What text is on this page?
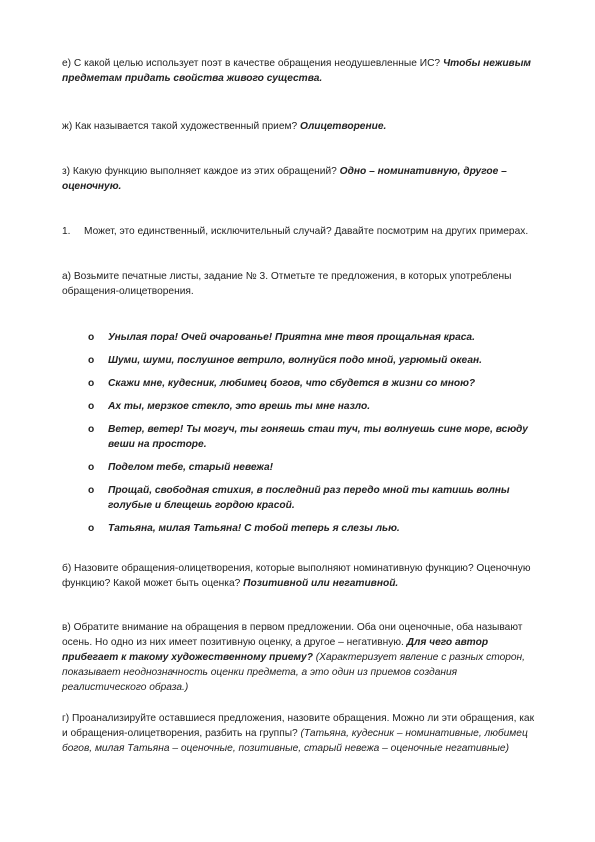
е) С какой целью использует поэт в качестве обращения неодушевленные ИС? Чтобы неживым предметам придать свойства живого существа.
ж) Как называется такой художественный прием? Олицетворение.
з) Какую функцию выполняет каждое из этих обращений? Одно – номинативную, другое – оценочную.
1. Может, это единственный, исключительный случай? Давайте посмотрим на других примерах.
а) Возьмите печатные листы, задание № 3. Отметьте те предложения, в которых употреблены обращения-олицетворения.
o Унылая пора! Очей очарованье! Приятна мне твоя прощальная краса.
o Шуми, шуми, послушное ветрило, волнуйся подо мной, угрюмый океан.
o Скажи мне, кудесник, любимец богов, что сбудется в жизни со мною?
o Ах ты, мерзкое стекло, это врешь ты мне назло.
o Ветер, ветер! Ты могуч, ты гоняешь стаи туч, ты волнуешь сине море, всюду веши на просторе.
o Поделом тебе, старый невежа!
o Прощай, свободная стихия, в последний раз передо мной ты катишь волны голубые и блещешь гордою красой.
o Татьяна, милая Татьяна! С тобой теперь я слезы лью.
б) Назовите обращения-олицетворения, которые выполняют номинативную функцию? Оценочную функцию? Какой может быть оценка? Позитивной или негативной.
в) Обратите внимание на обращения в первом предложении. Оба они оценочные, оба называют осень. Но одно из них имеет позитивную оценку, а другое – негативную. Для чего автор прибегает к такому художественному приему? (Характеризует явление с разных сторон, показывает неоднозначность оценки предмета, а это один из приемов создания реалистического образа.)
г) Проанализируйте оставшиеся предложения, назовите обращения. Можно ли эти обращения, как и обращения-олицетворения, разбить на группы? (Татьяна, кудесник – номинативные, любимец богов, милая Татьяна – оценочные, позитивные, старый невежа – оценочные негативные)
